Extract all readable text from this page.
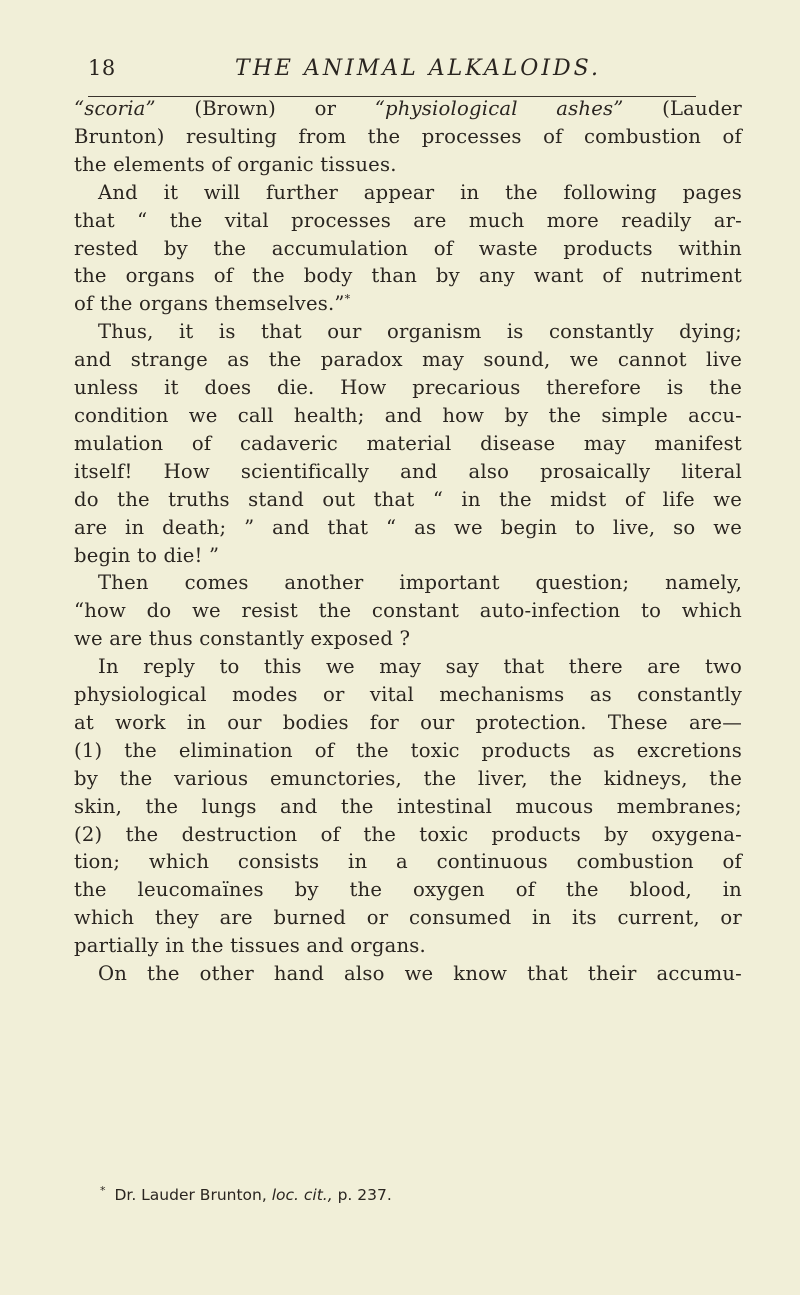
18	THE ANIMAL ALKALOIDS.
“scoria” (Brown) or “physiological ashes” (Lauder
Brunton) resulting from the processes of combustion of
the elements of organic tissues.
And it will further appear in the following pages
that “ the vital processes are much more readily ar-
rested by the accumulation of waste products within
the organs of the body than by any want of nutriment
of the organs themselves.”*
Thus, it is that our organism is constantly dying;
and strange as the paradox may sound, we cannot live
unless it does die. How precarious therefore is the
condition we call health; and how by the simple accu-
mulation of cadaveric material disease may manifest
itself! How scientifically and also prosaically literal
do the truths stand out that “ in the midst of life we
are in death; ” and that “ as we begin to live, so we
begin to die! ”
Then comes another important question; namely,
“how do we resist the constant auto-infection to which
we are thus constantly exposed ?
In reply to this we may say that there are two
physiological modes or vital mechanisms as constantly
at work in our bodies for our protection. These are—
(1) the elimination of the toxic products as excretions
by the various emunctories, the liver, the kidneys, the
skin, the lungs and the intestinal mucous membranes;
(2) the destruction of the toxic products by oxygena-
tion; which consists in a continuous combustion of
the leucomaïnes by the oxygen of the blood, in
which they are burned or consumed in its current, or
partially in the tissues and organs.
On the other hand also we know that their accumu-
* Dr. Lauder Brunton, loc. cit., p. 237.
